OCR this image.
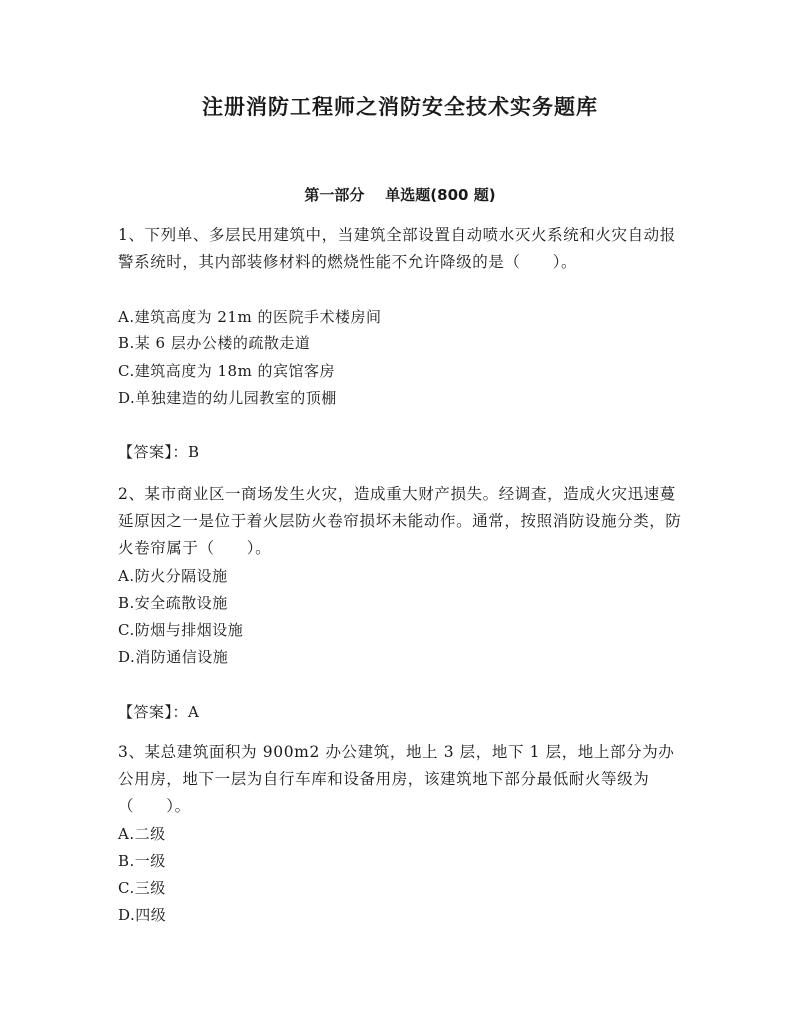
注册消防工程师之消防安全技术实务题库
第一部分    单选题(800 题)
1、下列单、多层民用建筑中，当建筑全部设置自动喷水灭火系统和火灾自动报警系统时，其内部装修材料的燃烧性能不允许降级的是（　　）。
A.建筑高度为 21m 的医院手术楼房间
B.某 6 层办公楼的疏散走道
C.建筑高度为 18m 的宾馆客房
D.单独建造的幼儿园教室的顶棚
【答案】：B
2、某市商业区一商场发生火灾，造成重大财产损失。经调查，造成火灾迅速蔓延原因之一是位于着火层防火卷帘损坏未能动作。通常，按照消防设施分类，防火卷帘属于（　　）。
A.防火分隔设施
B.安全疏散设施
C.防烟与排烟设施
D.消防通信设施
【答案】：A
3、某总建筑面积为 900m2 办公建筑，地上 3 层，地下 1 层，地上部分为办公用房，地下一层为自行车库和设备用房，该建筑地下部分最低耐火等级为（　　）。
A.二级
B.一级
C.三级
D.四级
